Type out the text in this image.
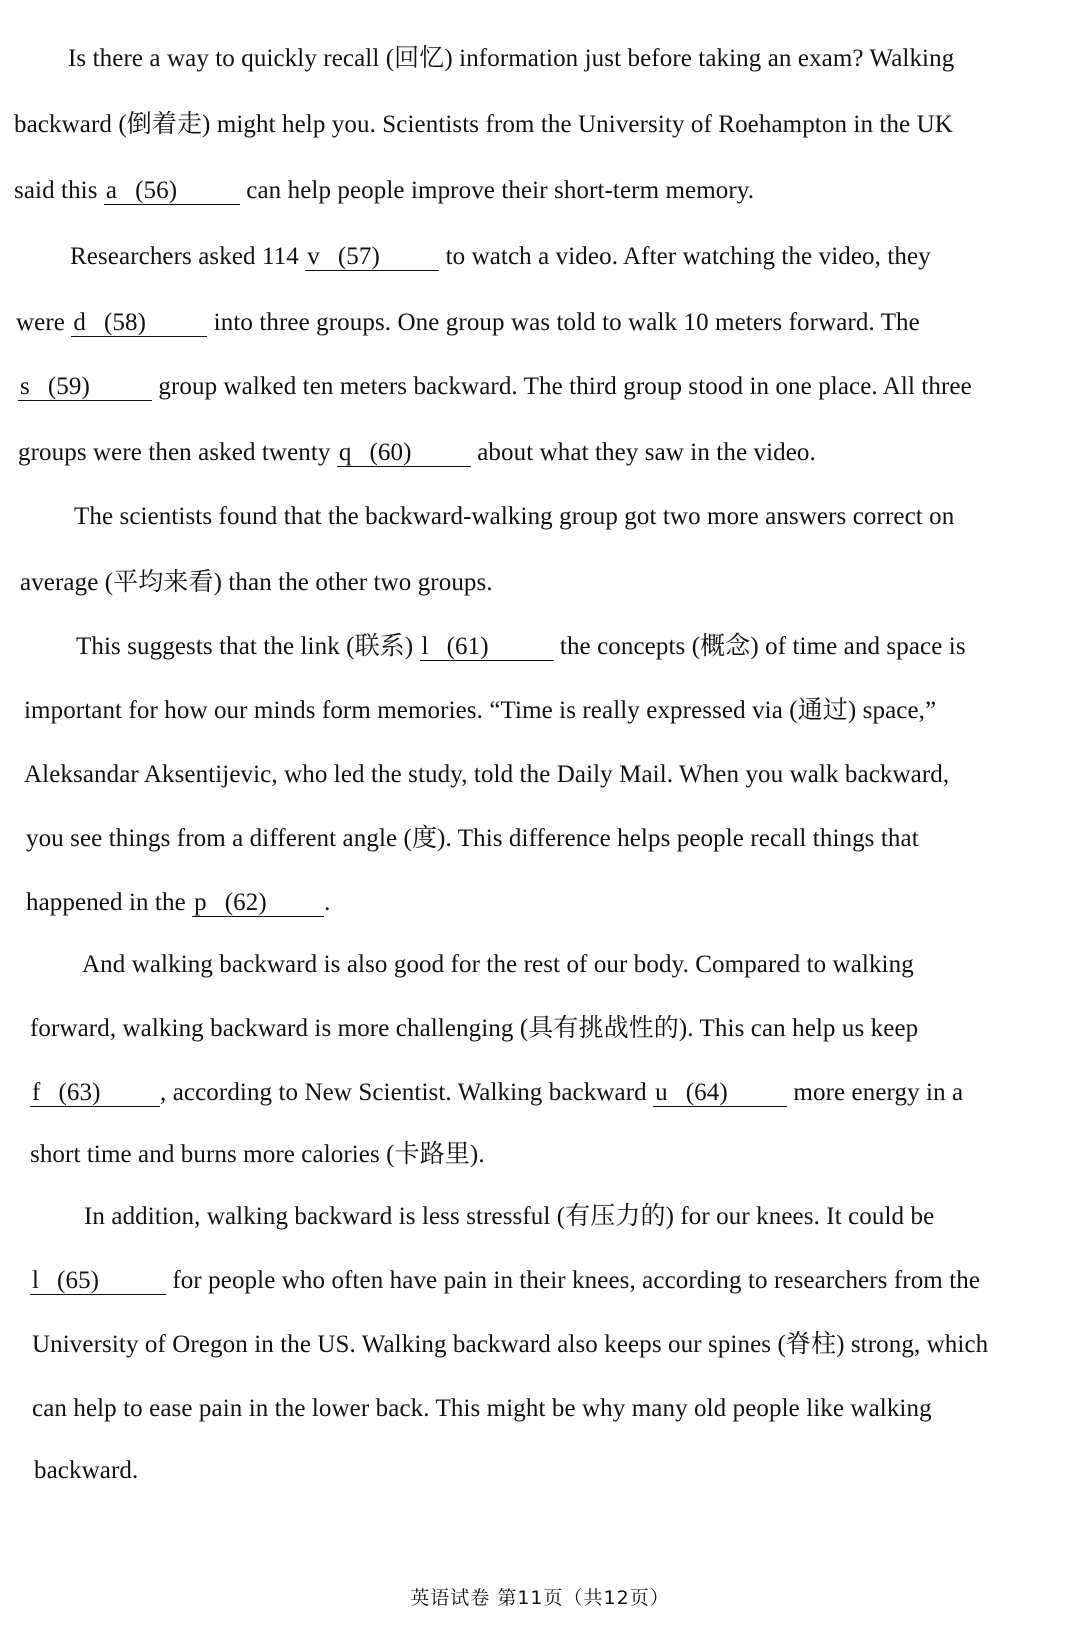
Is there a way to quickly recall (回忆) information just before taking an exam? Walking
backward (倒着走) might help you. Scientists from the University of Roehampton in the UK
said this a (56)	can help people improve their short-term memory.
Researchers asked 114 v (57) to watch a video. After watching the video, they
were d (58) into three groups. One group was told to walk 10 meters forward. The
s (59) group walked ten meters backward. The third group stood in one place. All three
groups were then asked twenty q (60) about what they saw in the video.
The scientists found that the backward-walking group got two more answers correct on
average (平均来看) than the other two groups.
This suggests that the link (联系) l (61)	the concepts (概念) of time and space is
important for how our minds form memories. “Time is really expressed via (通过) space,”
Aleksandar Aksentijevic, who led the study, told the Daily Mail. When you walk backward,
you see things from a different angle (度). This difference helps people recall things that
happened in the p (62) .
And walking backward is also good for the rest of our body. Compared to walking
forward, walking backward is more challenging (具有挑战性的). This can help us keep
f (63) , according to New Scientist. Walking backward u (64) more energy in a
short time and burns more calories (卡路里).
In addition, walking backward is less stressful (有压力的) for our knees. It could be
l (65)	for people who often have pain in their knees, according to researchers from the
University of Oregon in the US. Walking backward also keeps our spines (脊柱) strong, which
can help to ease pain in the lower back. This might be why many old people like walking
backward.
英语试卷 第11页（共12页）
